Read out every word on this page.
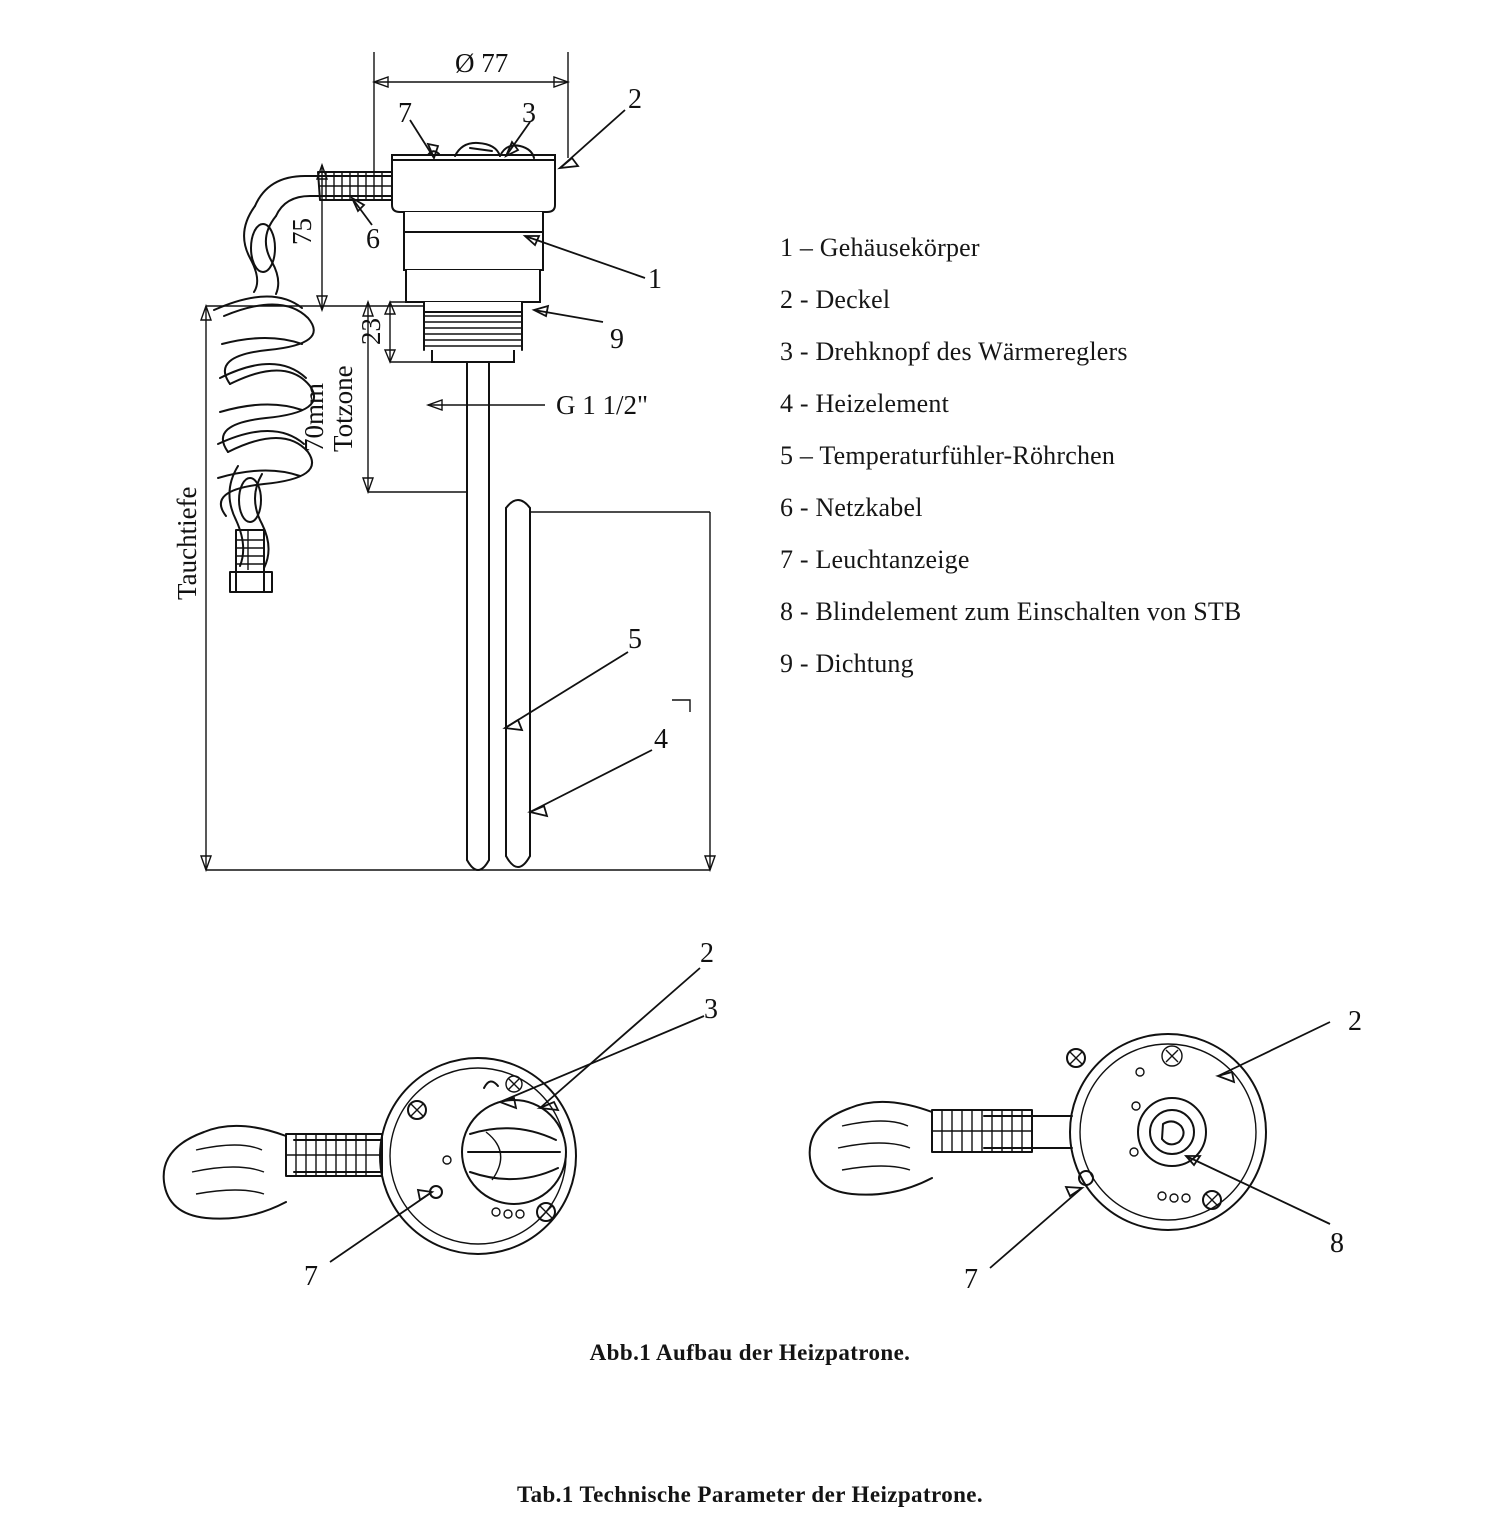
Ø 77
75
23
70mm Totzone
Tauchtiefe
G 1 1/2"
7	3	2
6
1
9
5
4
2
3
7
2
8
7
1 – Gehäusekörper
2 - Deckel
3 - Drehknopf des Wärmereglers
4 - Heizelement
5 – Temperaturfühler-Röhrchen
6 - Netzkabel
7 - Leuchtanzeige
8 - Blindelement zum Einschalten von STB
9 - Dichtung
Abb.1 Aufbau der Heizpatrone.
Tab.1 Technische Parameter der Heizpatrone.
